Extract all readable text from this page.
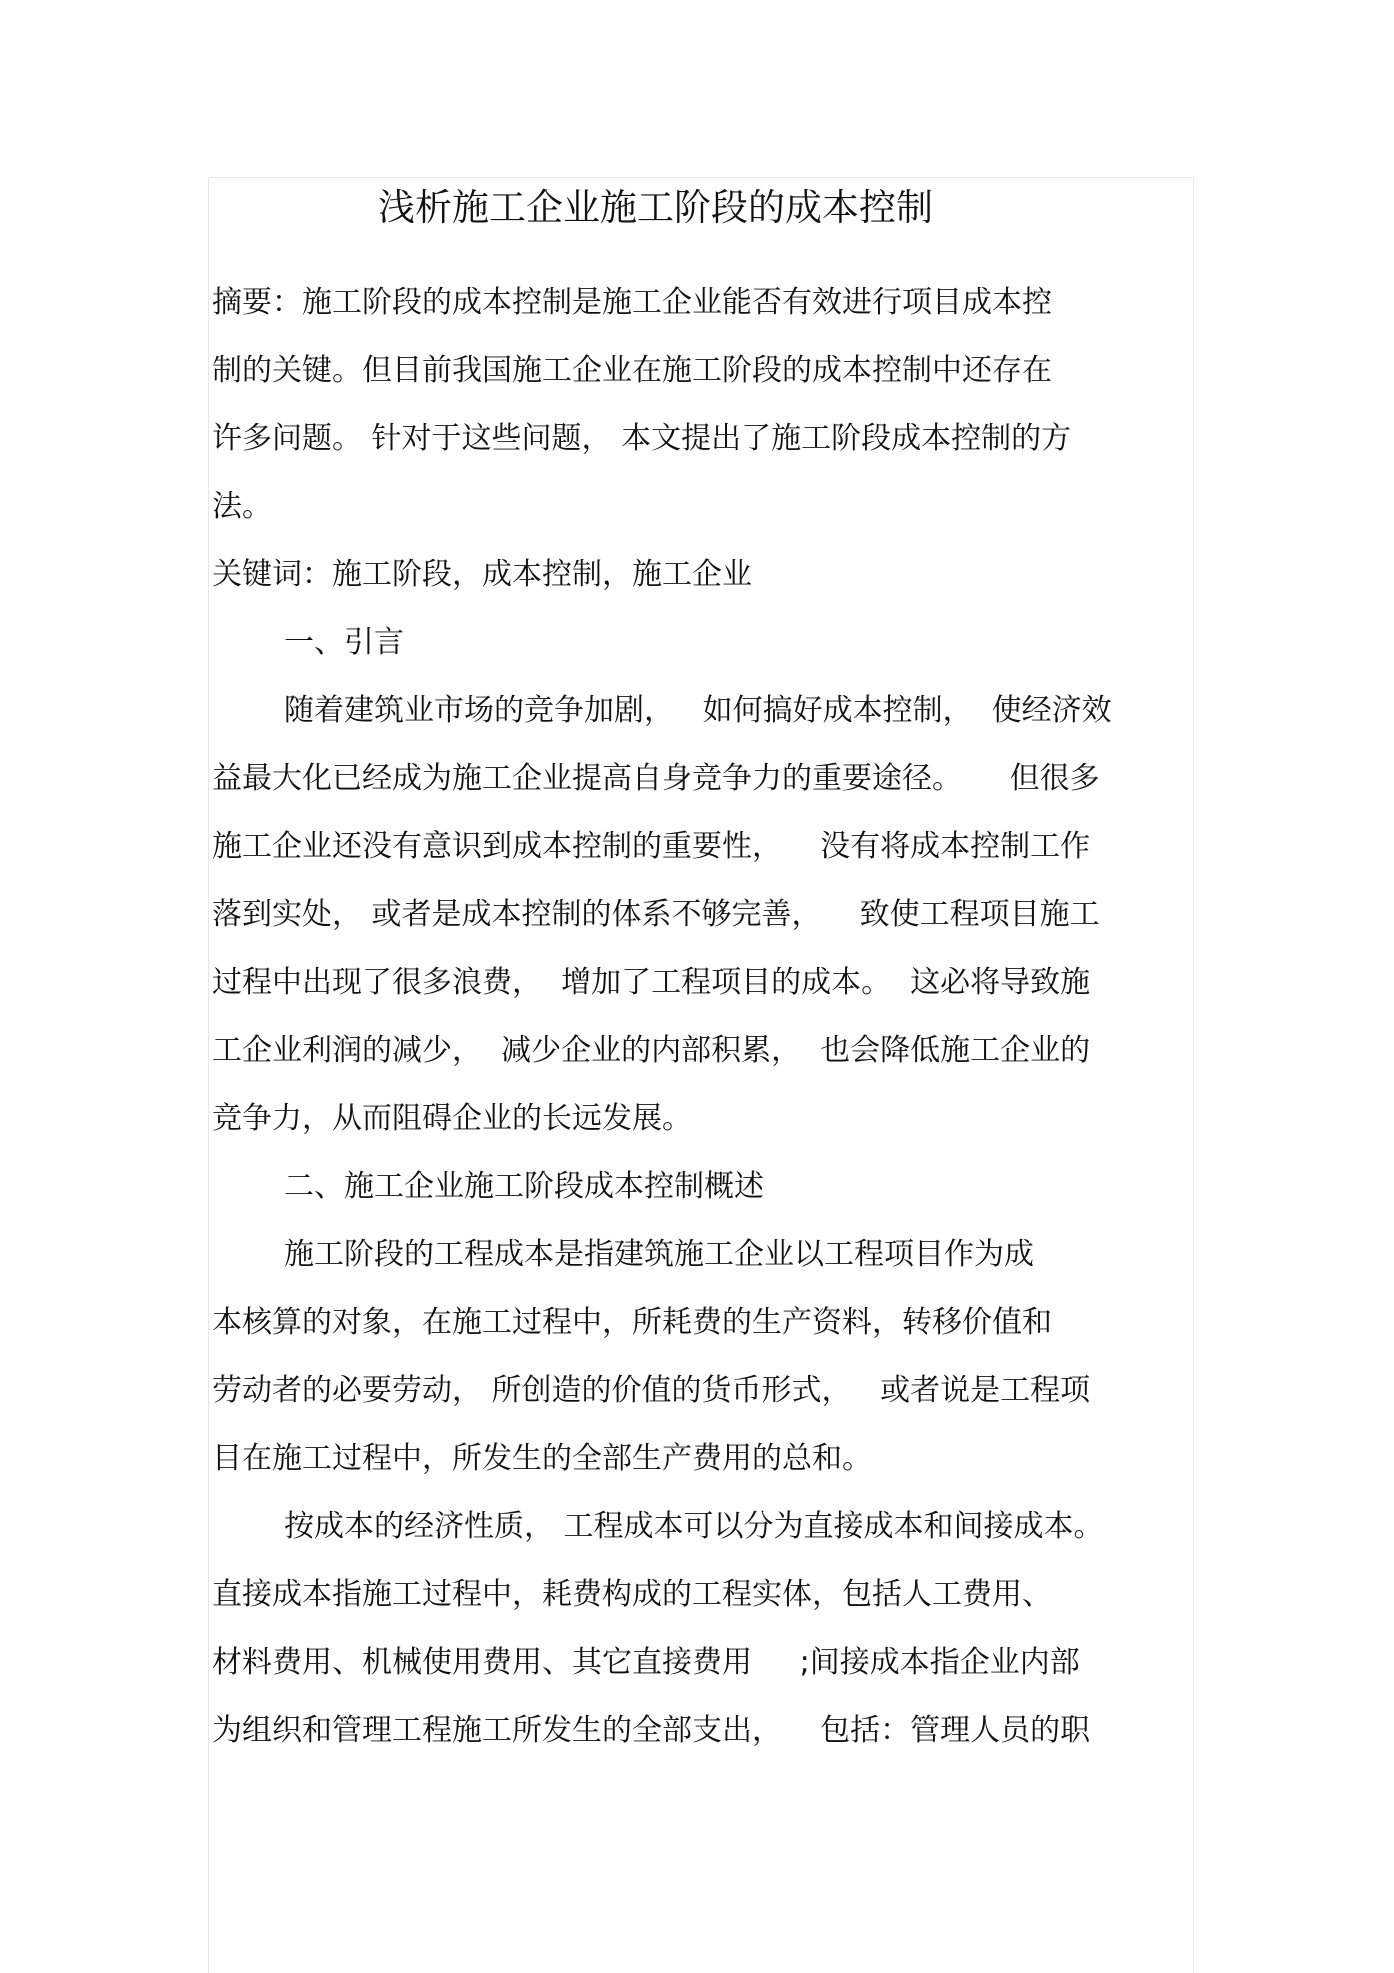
浅析施工企业施工阶段的成本控制
摘要：施工阶段的成本控制是施工企业能否有效进行项目成本控
制的关键。但目前我国施工企业在施工阶段的成本控制中还存在
许多问题。 针对于这些问题， 本文提出了施工阶段成本控制的方
法。
关键词：施工阶段，成本控制，施工企业
一、引言
随着建筑业市场的竞争加剧，   如何搞好成本控制，  使经济效
益最大化已经成为施工企业提高自身竞争力的重要途径。     但很多
施工企业还没有意识到成本控制的重要性，    没有将成本控制工作
落到实处， 或者是成本控制的体系不够完善，    致使工程项目施工
过程中出现了很多浪费，  增加了工程项目的成本。  这必将导致施
工企业利润的减少，  减少企业的内部积累，  也会降低施工企业的
竞争力，从而阻碍企业的长远发展。
二、施工企业施工阶段成本控制概述
施工阶段的工程成本是指建筑施工企业以工程项目作为成
本核算的对象，在施工过程中，所耗费的生产资料，转移价值和
劳动者的必要劳动， 所创造的价值的货币形式，   或者说是工程项
目在施工过程中，所发生的全部生产费用的总和。
按成本的经济性质， 工程成本可以分为直接成本和间接成本。
直接成本指施工过程中，耗费构成的工程实体，包括人工费用、
材料费用、机械使用费用、其它直接费用     ;间接成本指企业内部
为组织和管理工程施工所发生的全部支出，    包括：管理人员的职
